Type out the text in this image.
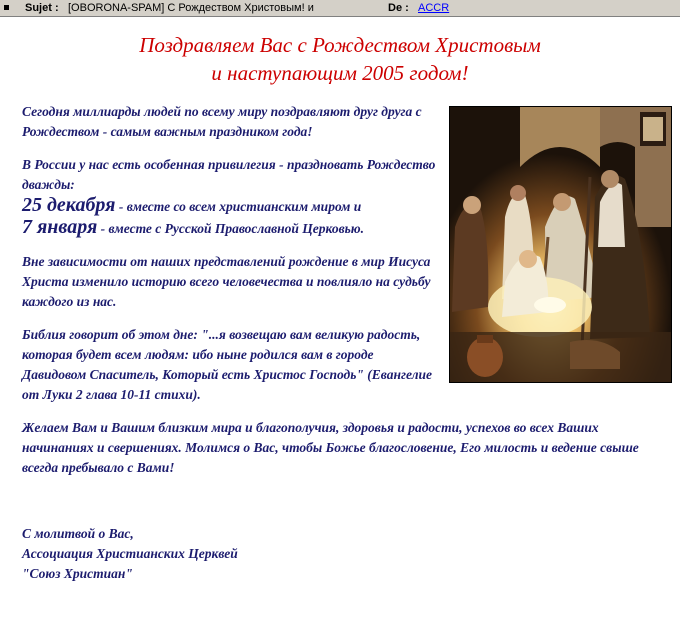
Sujet : [OBORONA-SPAM] С Рождеством Христовым! и	De : ACCR
Поздравляем Вас с Рождеством Христовым
и наступающим 2005 годом!

Сегодня миллиарды людей по всему миру поздравляют друг друга с Рождеством - самым важным праздником года!

В России у нас есть особенная привилегия - праздновать Рождество дважды:
25 декабря - вместе со всем христианским миром и
7 января - вместе с Русской Православной Церковью.

Вне зависимости от наших представлений рождение в мир Иисуса Христа изменило историю всего человечества и повлияло на судьбу каждого из нас.

Библия говорит об этом дне: "...я возвещаю вам великую радость, которая будет всем людям: ибо ныне родился вам в городе Давидовом Спаситель, Который есть Христос Господь" (Евангелие от Луки 2 глава 10-11 стихи).

Желаем Вам и Вашим близким мира и благополучия, здоровья и радости, успехов во всех Ваших начинаниях и свершениях. Молимся о Вас, чтобы Божье благословение, Его милость и ведение свыше всегда пребывало с Вами!

С молитвой о Вас,
Ассоциация Христианских Церквей
"Союз Христиан"
